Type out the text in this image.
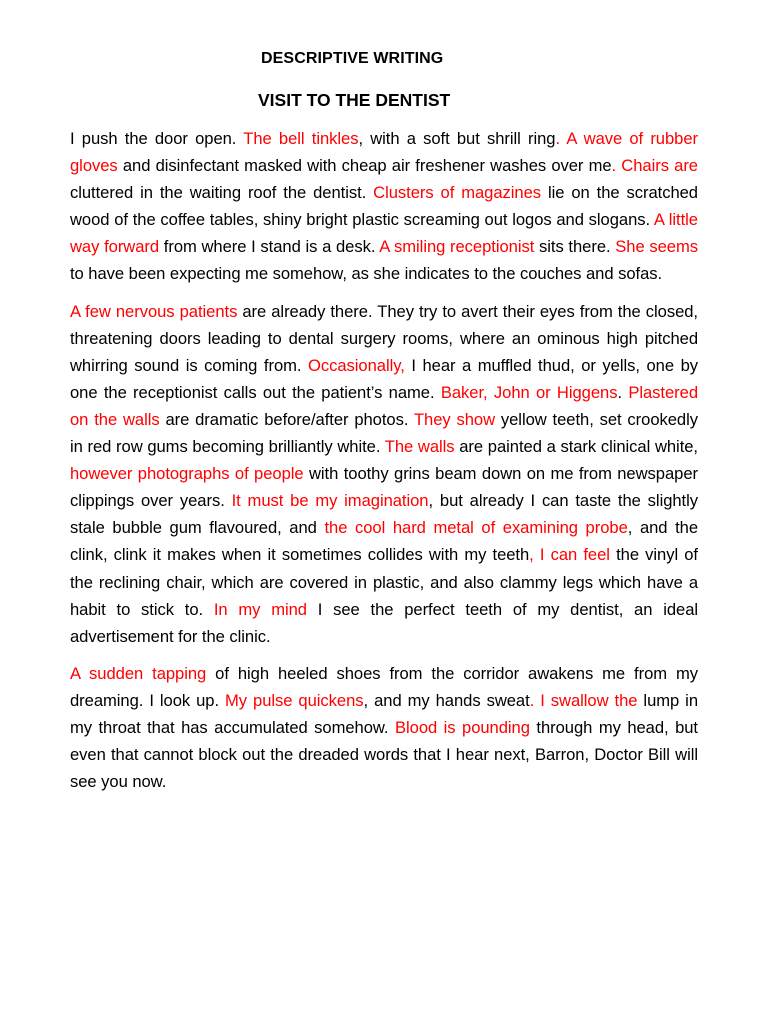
DESCRIPTIVE WRITING
VISIT TO THE DENTIST

I push the door open. The bell tinkles, with a soft but shrill ring. A wave of rubber gloves and disinfectant masked with cheap air freshener washes over me. Chairs are cluttered in the waiting roof the dentist. Clusters of magazines lie on the scratched wood of the coffee tables, shiny bright plastic screaming out logos and slogans. A little way forward from where I stand is a desk. A smiling receptionist sits there. She seems to have been expecting me somehow, as she indicates to the couches and sofas.

A few nervous patients are already there. They try to avert their eyes from the closed, threatening doors leading to dental surgery rooms, where an ominous high pitched whirring sound is coming from. Occasionally, I hear a muffled thud, or yells, one by one the receptionist calls out the patient’s name. Baker, John or Higgens. Plastered on the walls are dramatic before/after photos. They show yellow teeth, set crookedly in red row gums becoming brilliantly white. The walls are painted a stark clinical white, however photographs of people with toothy grins beam down on me from newspaper clippings over years. It must be my imagination, but already I can taste the slightly stale bubble gum flavoured, and the cool hard metal of examining probe, and the clink, clink it makes when it sometimes collides with my teeth, I can feel the vinyl of the reclining chair, which are covered in plastic, and also clammy legs which have a habit to stick to. In my mind I see the perfect teeth of my dentist, an ideal advertisement for the clinic.

A sudden tapping of high heeled shoes from the corridor awakens me from my dreaming. I look up. My pulse quickens, and my hands sweat. I swallow the lump in my throat that has accumulated somehow. Blood is pounding through my head, but even that cannot block out the dreaded words that I hear next, Barron, Doctor Bill will see you now.
